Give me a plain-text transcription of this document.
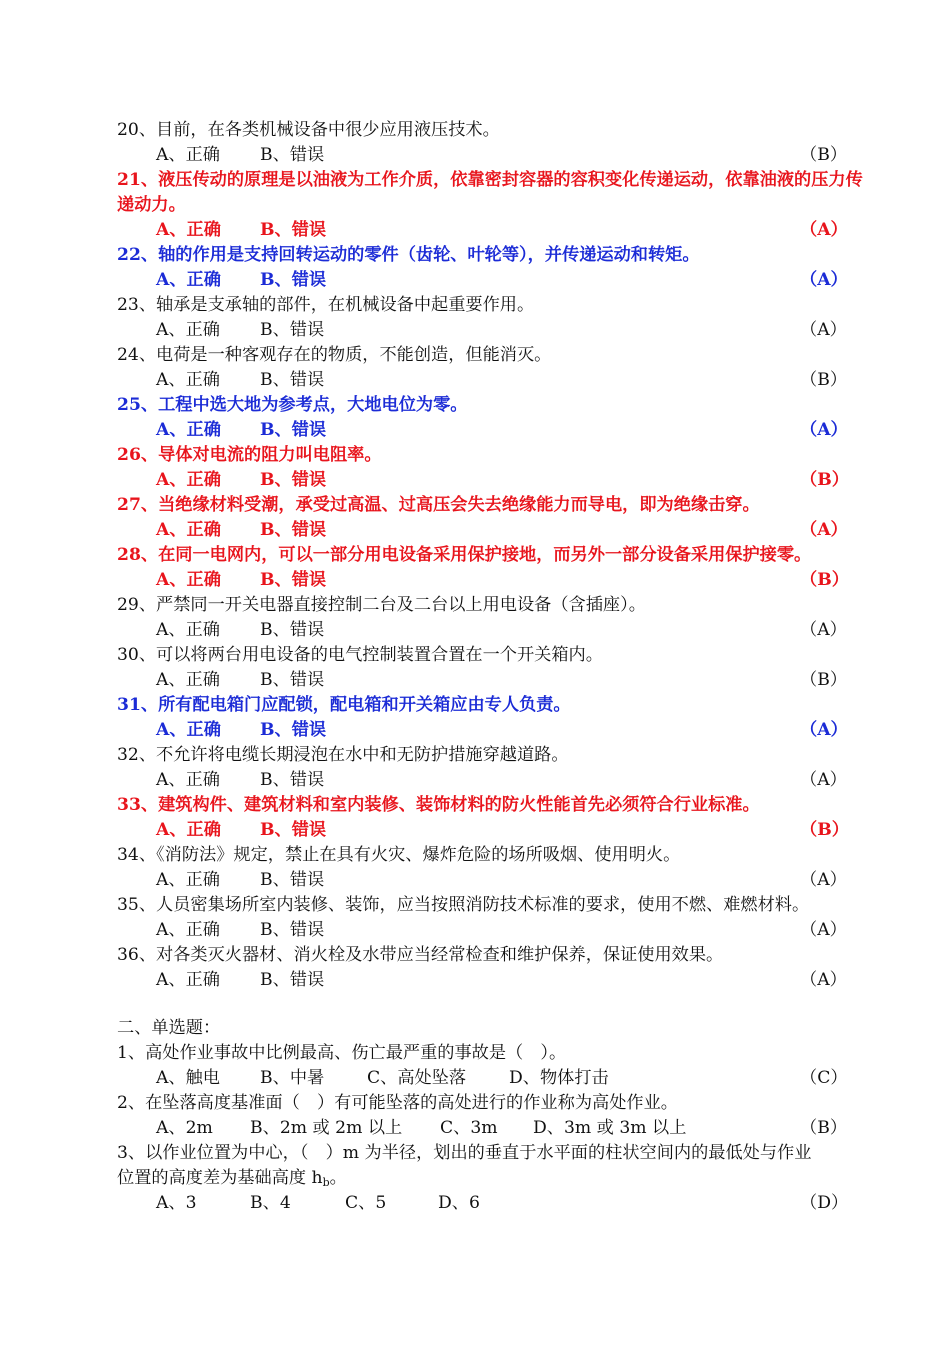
20、目前，在各类机械设备中很少应用液压技术。
A、正确 B、错误	（B）
21、液压传动的原理是以油液为工作介质，依靠密封容器的容积变化传递运动，依靠油液的压力传递动力。
A、正确 B、错误	（A）
22、轴的作用是支持回转运动的零件（齿轮、叶轮等），并传递运动和转矩。
A、正确 B、错误	（A）
23、轴承是支承轴的部件，在机械设备中起重要作用。
A、正确 B、错误	（A）
24、电荷是一种客观存在的物质，不能创造，但能消灭。
A、正确 B、错误	（B）
25、工程中选大地为参考点，大地电位为零。
A、正确 B、错误	（A）
26、导体对电流的阻力叫电阻率。
A、正确 B、错误	（B）
27、当绝缘材料受潮，承受过高温、过高压会失去绝缘能力而导电，即为绝缘击穿。
A、正确 B、错误	（A）
28、在同一电网内，可以一部分用电设备采用保护接地，而另外一部分设备采用保护接零。
A、正确 B、错误	（B）
29、严禁同一开关电器直接控制二台及二台以上用电设备（含插座）。
A、正确 B、错误	（A）
30、可以将两台用电设备的电气控制装置合置在一个开关箱内。
A、正确 B、错误	（B）
31、所有配电箱门应配锁，配电箱和开关箱应由专人负责。
A、正确 B、错误	（A）
32、不允许将电缆长期浸泡在水中和无防护措施穿越道路。
A、正确 B、错误	（A）
33、建筑构件、建筑材料和室内装修、装饰材料的防火性能首先必须符合行业标准。
A、正确 B、错误	（B）
34、《消防法》规定，禁止在具有火灾、爆炸危险的场所吸烟、使用明火。
A、正确 B、错误	（A）
35、人员密集场所室内装修、装饰，应当按照消防技术标准的要求，使用不燃、难燃材料。
A、正确 B、错误	（A）
36、对各类灭火器材、消火栓及水带应当经常检查和维护保养，保证使用效果。
A、正确 B、错误	（A）
二、单选题：
1、高处作业事故中比例最高、伤亡最严重的事故是（　）。
A、触电 B、中暑 C、高处坠落 D、物体打击	（C）
2、在坠落高度基准面（　）有可能坠落的高处进行的作业称为高处作业。
A、2m B、2m 或 2m 以上 C、3m D、3m 或 3m 以上	（B）
3、以作业位置为中心，（　）m 为半径，划出的垂直于水平面的柱状空间内的最低处与作业
位置的高度差为基础高度 $h_b$。
A、3	B、4	C、5	D、6	（D）
